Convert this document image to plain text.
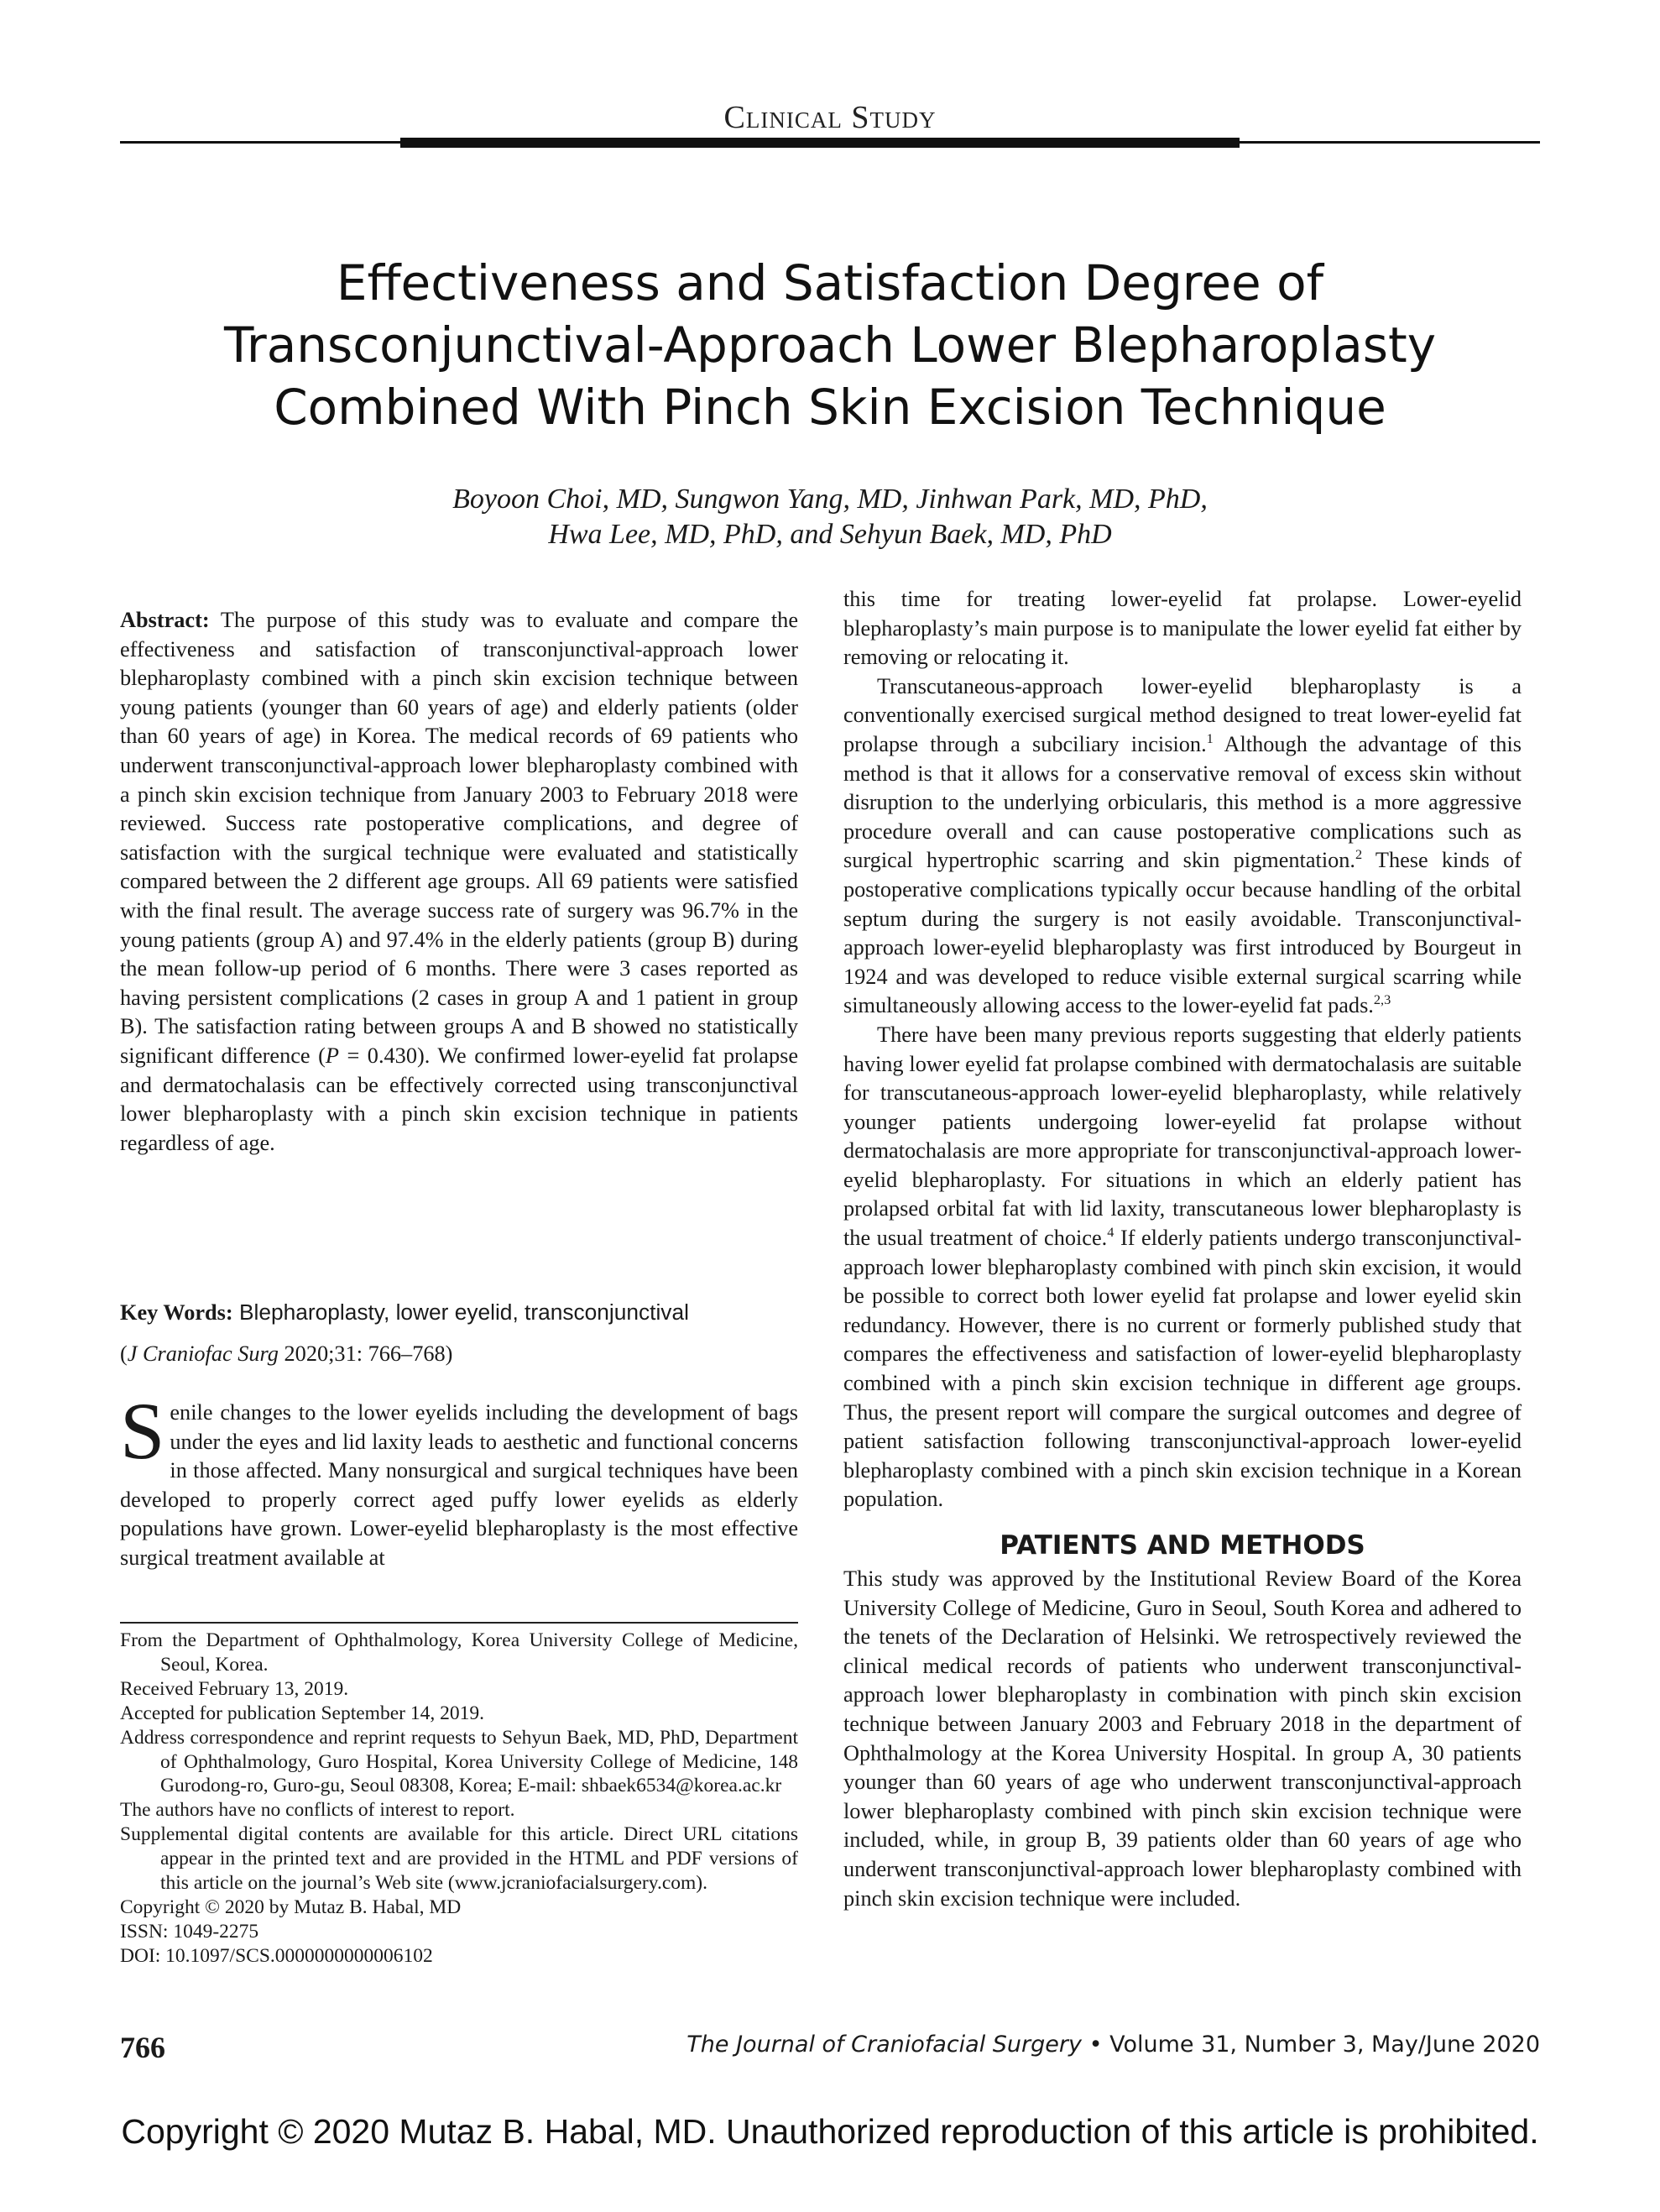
Clinical Study
Effectiveness and Satisfaction Degree of
Transconjunctival-Approach Lower Blepharoplasty
Combined With Pinch Skin Excision Technique
Boyoon Choi, MD, Sungwon Yang, MD, Jinhwan Park, MD, PhD,
Hwa Lee, MD, PhD, and Sehyun Baek, MD, PhD

Abstract: The purpose of this study was to evaluate and compare the effectiveness and satisfaction of transconjunctival-approach lower blepharoplasty combined with a pinch skin excision technique between young patients (younger than 60 years of age) and elderly patients (older than 60 years of age) in Korea. The medical records of 69 patients who underwent transconjunctival-approach lower blepharoplasty combined with a pinch skin excision technique from January 2003 to February 2018 were reviewed. Success rate postoperative complications, and degree of satisfaction with the surgical technique were evaluated and statistically compared between the 2 different age groups. All 69 patients were satisfied with the final result. The average success rate of surgery was 96.7% in the young patients (group A) and 97.4% in the elderly patients (group B) during the mean follow-up period of 6 months. There were 3 cases reported as having persistent complications (2 cases in group A and 1 patient in group B). The satisfaction rating between groups A and B showed no statistically significant difference (P = 0.430). We confirmed lower-eyelid fat prolapse and dermatochalasis can be effectively corrected using transconjunctival lower blepharoplasty with a pinch skin excision technique in patients regardless of age.

Key Words: Blepharoplasty, lower eyelid, transconjunctival

(J Craniofac Surg 2020;31: 766–768)

Senile changes to the lower eyelids including the development of bags under the eyes and lid laxity leads to aesthetic and functional concerns in those affected. Many nonsurgical and surgical techniques have been developed to properly correct aged puffy lower eyelids as elderly populations have grown. Lower-eyelid blepharoplasty is the most effective surgical treatment available at

From the Department of Ophthalmology, Korea University College of Medicine, Seoul, Korea.
Received February 13, 2019.
Accepted for publication September 14, 2019.
Address correspondence and reprint requests to Sehyun Baek, MD, PhD, Department of Ophthalmology, Guro Hospital, Korea University College of Medicine, 148 Gurodong-ro, Guro-gu, Seoul 08308, Korea; E-mail: shbaek6534@korea.ac.kr
The authors have no conflicts of interest to report.
Supplemental digital contents are available for this article. Direct URL citations appear in the printed text and are provided in the HTML and PDF versions of this article on the journal’s Web site (www.jcraniofacialsurgery.com).
Copyright © 2020 by Mutaz B. Habal, MD
ISSN: 1049-2275
DOI: 10.1097/SCS.0000000000006102

this time for treating lower-eyelid fat prolapse. Lower-eyelid blepharoplasty’s main purpose is to manipulate the lower eyelid fat either by removing or relocating it.

Transcutaneous-approach lower-eyelid blepharoplasty is a conventionally exercised surgical method designed to treat lower-eyelid fat prolapse through a subciliary incision.$^1$ Although the advantage of this method is that it allows for a conservative removal of excess skin without disruption to the underlying orbicularis, this method is a more aggressive procedure overall and can cause postoperative complications such as surgical hypertrophic scarring and skin pigmentation.$^2$ These kinds of postoperative complications typically occur because handling of the orbital septum during the surgery is not easily avoidable. Transconjunctival-approach lower-eyelid blepharoplasty was first introduced by Bourgeut in 1924 and was developed to reduce visible external surgical scarring while simultaneously allowing access to the lower-eyelid fat pads.$^{2,3}$

There have been many previous reports suggesting that elderly patients having lower eyelid fat prolapse combined with dermatochalasis are suitable for transcutaneous-approach lower-eyelid blepharoplasty, while relatively younger patients undergoing lower-eyelid fat prolapse without dermatochalasis are more appropriate for transconjunctival-approach lower-eyelid blepharoplasty. For situations in which an elderly patient has prolapsed orbital fat with lid laxity, transcutaneous lower blepharoplasty is the usual treatment of choice.$^4$ If elderly patients undergo transconjunctival-approach lower blepharoplasty combined with pinch skin excision, it would be possible to correct both lower eyelid fat prolapse and lower eyelid skin redundancy. However, there is no current or formerly published study that compares the effectiveness and satisfaction of lower-eyelid blepharoplasty combined with a pinch skin excision technique in different age groups. Thus, the present report will compare the surgical outcomes and degree of patient satisfaction following transconjunctival-approach lower-eyelid blepharoplasty combined with a pinch skin excision technique in a Korean population.

PATIENTS AND METHODS

This study was approved by the Institutional Review Board of the Korea University College of Medicine, Guro in Seoul, South Korea and adhered to the tenets of the Declaration of Helsinki. We retrospectively reviewed the clinical medical records of patients who underwent transconjunctival-approach lower blepharoplasty in combination with pinch skin excision technique between January 2003 and February 2018 in the department of Ophthalmology at the Korea University Hospital. In group A, 30 patients younger than 60 years of age who underwent transconjunctival-approach lower blepharoplasty combined with pinch skin excision technique were included, while, in group B, 39 patients older than 60 years of age who underwent transconjunctival-approach lower blepharoplasty combined with pinch skin excision technique were included.

766	The Journal of Craniofacial Surgery • Volume 31, Number 3, May/June 2020
Copyright © 2020 Mutaz B. Habal, MD. Unauthorized reproduction of this article is prohibited.
